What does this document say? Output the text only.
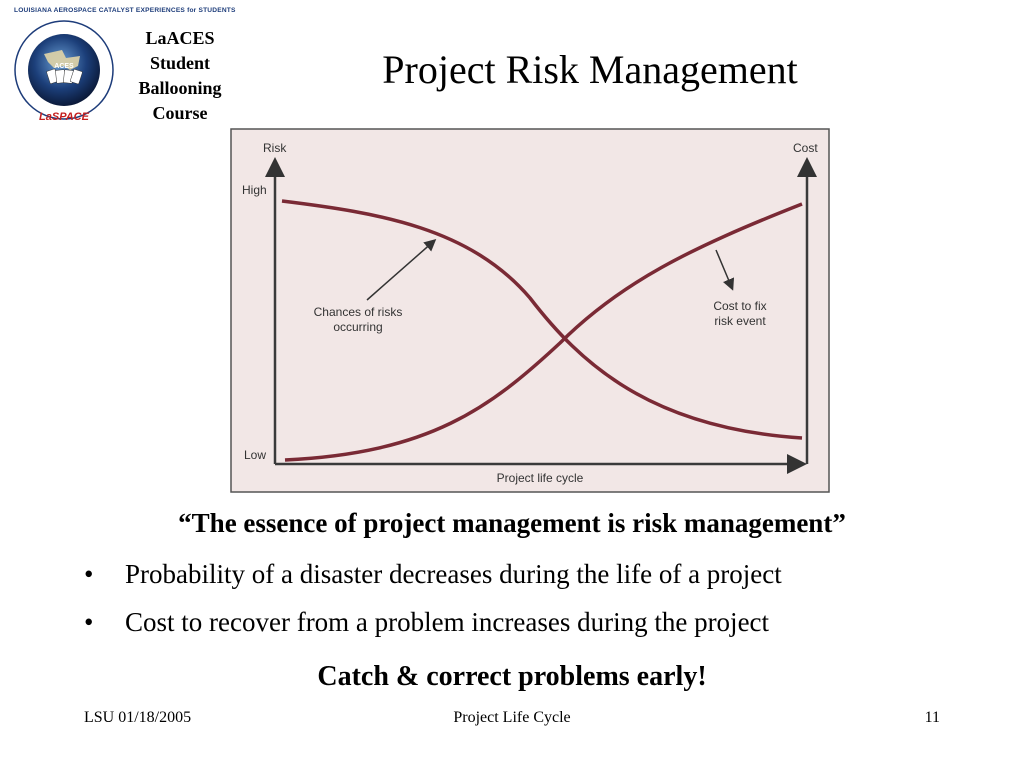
LOUISIANA AEROSPACE CATALYST EXPERIENCES for STUDENTS
ACES
LaSPACE
LaACES
Student
Ballooning
Course
Project Risk Management
Risk	Cost
High
Low
Project life cycle
Chances of risks
occurring
Cost to fix
risk event
“The essence of project management is risk management”
• Probability of a disaster decreases during the life of a project
• Cost to recover from a problem increases during the project
Catch & correct problems early!
LSU 01/18/2005	Project Life Cycle	11
